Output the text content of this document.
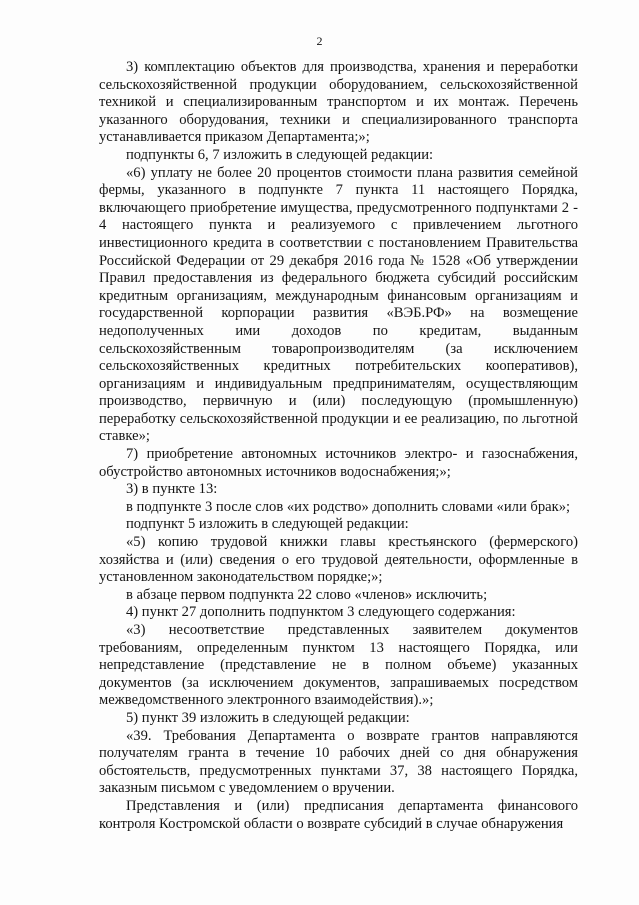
2

3) комплектацию объектов для производства, хранения и переработки сельскохозяйственной продукции оборудованием, сельскохозяйственной техникой и специализированным транспортом и их монтаж. Перечень указанного оборудования, техники и специализированного транспорта устанавливается приказом Департамента;»;

подпункты 6, 7 изложить в следующей редакции:

«6) уплату не более 20 процентов стоимости плана развития семейной фермы, указанного в подпункте 7 пункта 11 настоящего Порядка, включающего приобретение имущества, предусмотренного подпунктами 2 - 4 настоящего пункта и реализуемого с привлечением льготного инвестиционного кредита в соответствии с постановлением Правительства Российской Федерации от 29 декабря 2016 года № 1528 «Об утверждении Правил предоставления из федерального бюджета субсидий российским кредитным организациям, международным финансовым организациям и государственной корпорации развития «ВЭБ.РФ» на возмещение недополученных ими доходов по кредитам, выданным сельскохозяйственным товаропроизводителям (за исключением сельскохозяйственных кредитных потребительских кооперативов), организациям и индивидуальным предпринимателям, осуществляющим производство, первичную и (или) последующую (промышленную) переработку сельскохозяйственной продукции и ее реализацию, по льготной ставке»;

7) приобретение автономных источников электро- и газоснабжения, обустройство автономных источников водоснабжения;»;

3) в пункте 13:

в подпункте 3 после слов «их родство» дополнить словами «или брак»;

подпункт 5 изложить в следующей редакции:

«5) копию трудовой книжки главы крестьянского (фермерского) хозяйства и (или) сведения о его трудовой деятельности, оформленные в установленном законодательством порядке;»;

в абзаце первом подпункта 22 слово «членов» исключить;

4) пункт 27 дополнить подпунктом 3 следующего содержания:

«3) несоответствие представленных заявителем документов требованиям, определенным пунктом 13 настоящего Порядка, или непредставление (представление не в полном объеме) указанных документов (за исключением документов, запрашиваемых посредством межведомственного электронного взаимодействия).»;

5) пункт 39 изложить в следующей редакции:

«39. Требования Департамента о возврате грантов направляются получателям гранта в течение 10 рабочих дней со дня обнаружения обстоятельств, предусмотренных пунктами 37, 38 настоящего Порядка, заказным письмом с уведомлением о вручении.

Представления и (или) предписания департамента финансового контроля Костромской области о возврате субсидий в случае обнаружения
